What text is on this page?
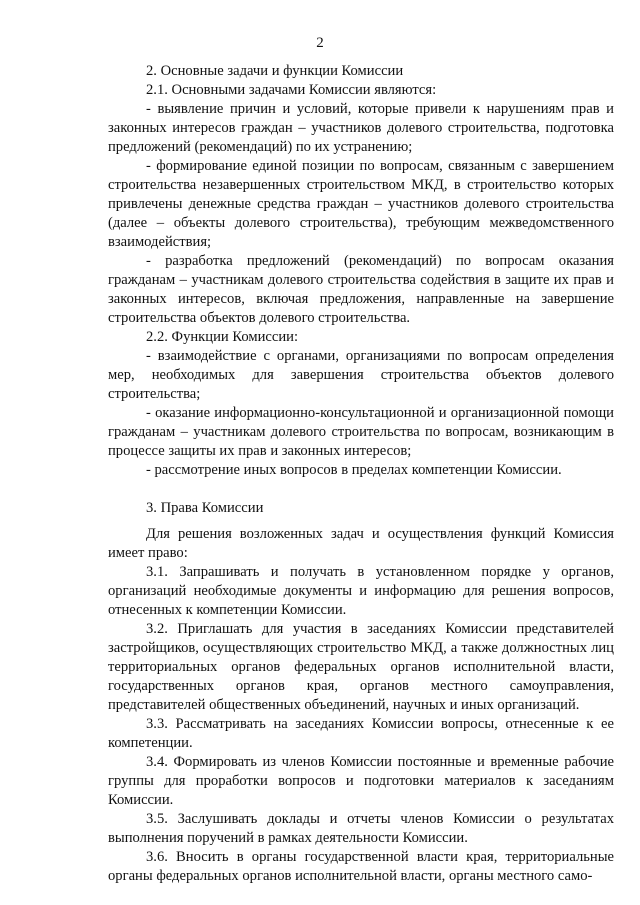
2
2. Основные задачи и функции Комиссии

2.1. Основными задачами Комиссии являются:

- выявление причин и условий, которые привели к нарушениям прав и законных интересов граждан – участников долевого строительства, подготовка предложений (рекомендаций) по их устранению;

- формирование единой позиции по вопросам, связанным с завершением строительства незавершенных строительством МКД, в строительство которых привлечены денежные средства граждан – участников долевого строительства (далее – объекты долевого строительства), требующим межведомственного взаимодействия;

- разработка предложений (рекомендаций) по вопросам оказания гражданам – участникам долевого строительства содействия в защите их прав и законных интересов, включая предложения, направленные на завершение строительства объектов долевого строительства.

2.2. Функции Комиссии:

- взаимодействие с органами, организациями по вопросам определения мер, необходимых для завершения строительства объектов долевого строительства;

- оказание информационно-консультационной и организационной помощи гражданам – участникам долевого строительства по вопросам, возникающим в процессе защиты их прав и законных интересов;

- рассмотрение иных вопросов в пределах компетенции Комиссии.

3. Права Комиссии

Для решения возложенных задач и осуществления функций Комиссия имеет право:

3.1. Запрашивать и получать в установленном порядке у органов, организаций необходимые документы и информацию для решения вопросов, отнесенных к компетенции Комиссии.

3.2. Приглашать для участия в заседаниях Комиссии представителей застройщиков, осуществляющих строительство МКД, а также должностных лиц территориальных органов федеральных органов исполнительной власти, государственных органов края, органов местного самоуправления, представителей общественных объединений, научных и иных организаций.

3.3. Рассматривать на заседаниях Комиссии вопросы, отнесенные к ее компетенции.

3.4. Формировать из членов Комиссии постоянные и временные рабочие группы для проработки вопросов и подготовки материалов к заседаниям Комиссии.

3.5. Заслушивать доклады и отчеты членов Комиссии о результатах выполнения поручений в рамках деятельности Комиссии.

3.6. Вносить в органы государственной власти края, территориальные органы федеральных органов исполнительной власти, органы местного само-
